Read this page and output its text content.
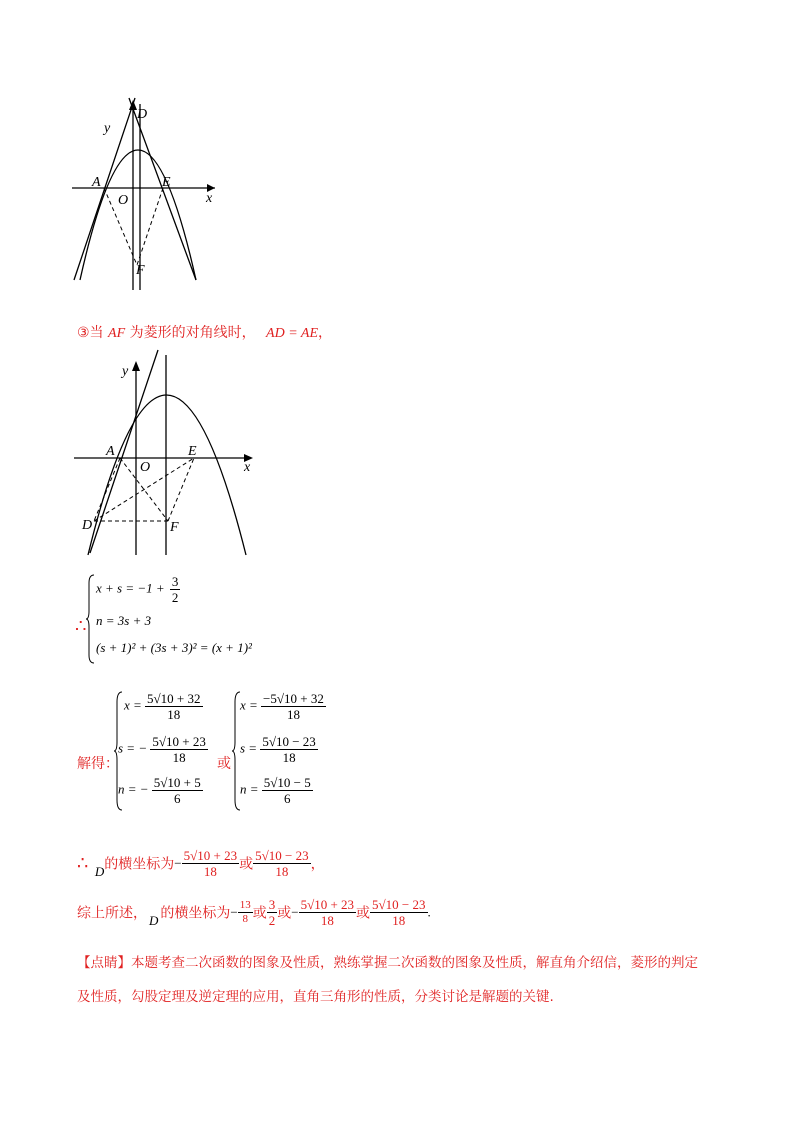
D
y
A
O
E
x
F
③当 AF 为菱形的对角线时， AD = AE，
y
A
O
E
x
D	F
∴
$x + s = -1 + \frac{3}{2}$
n = 3s + 3
(s + 1)² + (3s + 3)² = (x + 1)²
解得：
$x = \frac{5√10 + 32}{18}$
s = − $\frac{5√10 + 23}{18}$
n = − $\frac{5√10 + 5}{6}$
或
$x = \frac{-5√10 + 32}{18}$
$s = \frac{5√10 - 23}{18}$
$n = \frac{5√10 - 5}{6}$
∴ D的横坐标为− $\frac{5√10 + 23}{18}$ 或 $\frac{5√10 - 23}{18}$ ，
综上所述， D 的横坐标为− $\frac{13}{8}$ 或 $\frac{3}{2}$ 或− $\frac{5√10 + 23}{18}$ 或 $\frac{5√10 - 23}{18}$ .
【点睛】本题考查二次函数的图象及性质，熟练掌握二次函数的图象及性质，解直角介绍信，菱形的判定
及性质，勾股定理及逆定理的应用，直角三角形的性质，分类讨论是解题的关键.
